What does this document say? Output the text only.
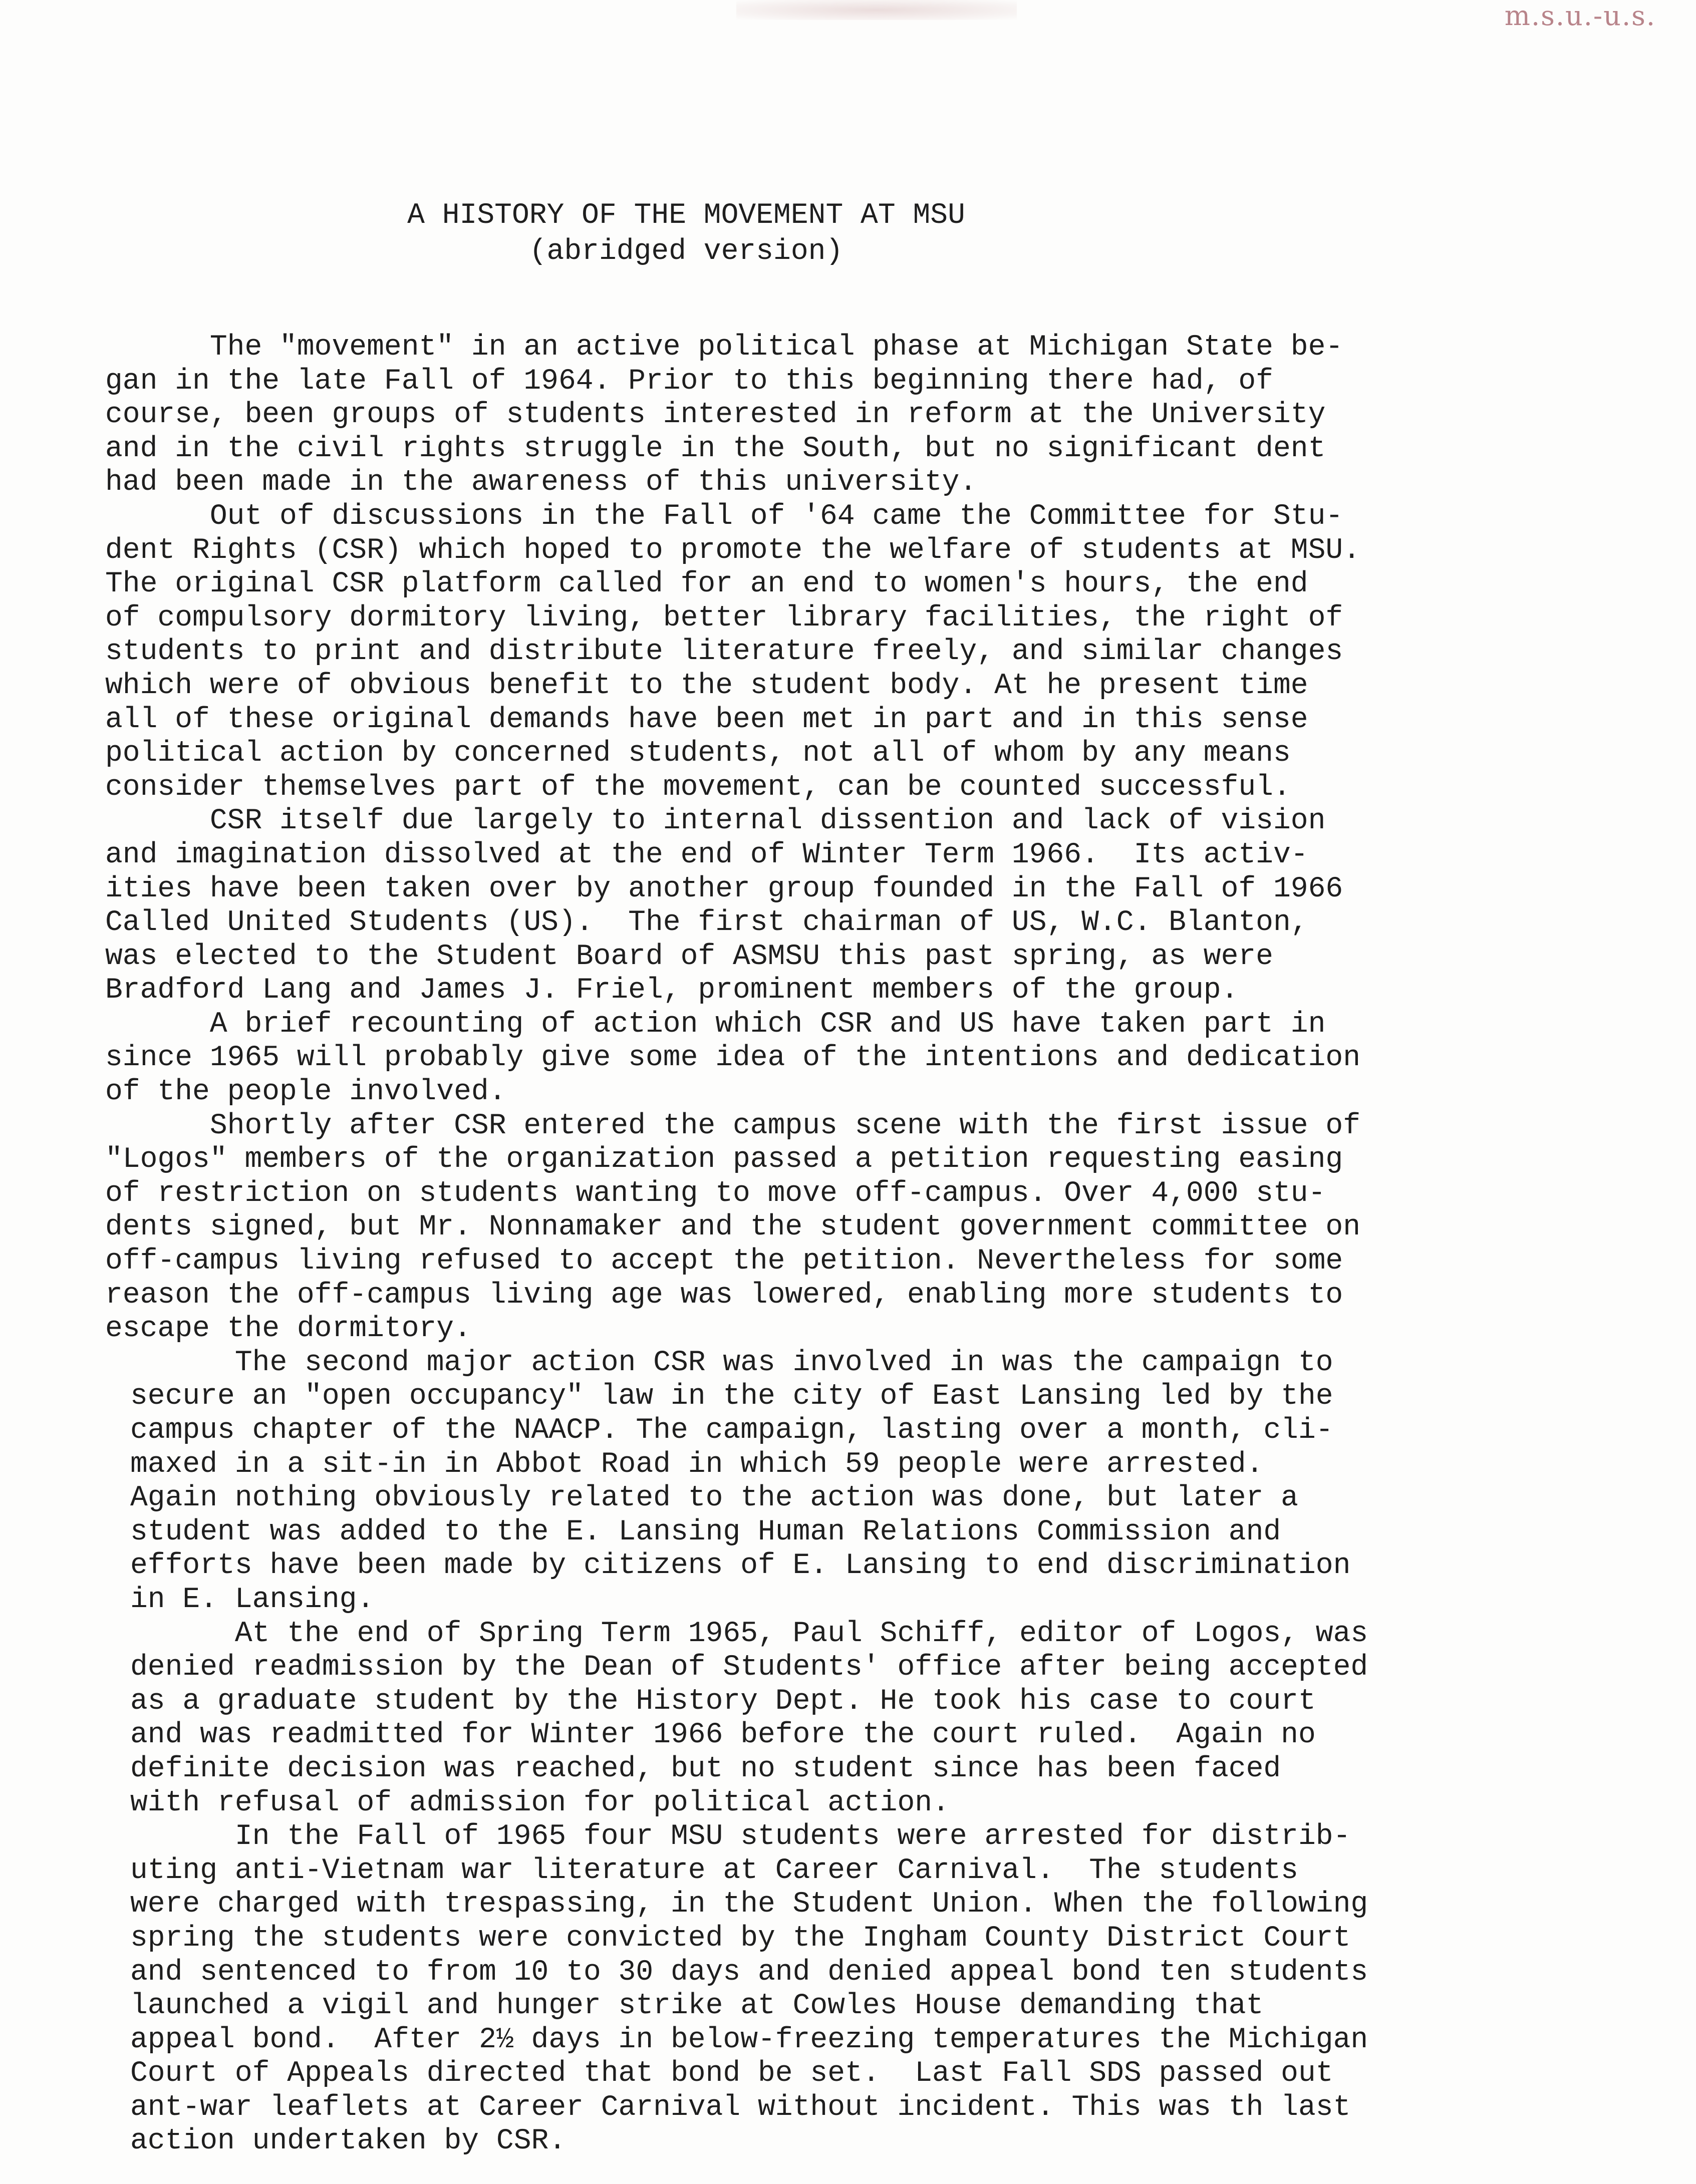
m.s.u.-u.s.
A HISTORY OF THE MOVEMENT AT MSU
(abridged version)
The "movement" in an active political phase at Michigan State be-
gan in the late Fall of 1964. Prior to this beginning there had, of
course, been groups of students interested in reform at the University
and in the civil rights struggle in the South, but no significant dent
had been made in the awareness of this university.
Out of discussions in the Fall of '64 came the Committee for Stu-
dent Rights (CSR) which hoped to promote the welfare of students at MSU.
The original CSR platform called for an end to women's hours, the end
of compulsory dormitory living, better library facilities, the right of
students to print and distribute literature freely, and similar changes
which were of obvious benefit to the student body. At he present time
all of these original demands have been met in part and in this sense
political action by concerned students, not all of whom by any means
consider themselves part of the movement, can be counted successful.
CSR itself due largely to internal dissention and lack of vision
and imagination dissolved at the end of Winter Term 1966.  Its activ-
ities have been taken over by another group founded in the Fall of 1966
Called United Students (US).  The first chairman of US, W.C. Blanton,
was elected to the Student Board of ASMSU this past spring, as were
Bradford Lang and James J. Friel, prominent members of the group.
A brief recounting of action which CSR and US have taken part in
since 1965 will probably give some idea of the intentions and dedication
of the people involved.
Shortly after CSR entered the campus scene with the first issue of
"Logos" members of the organization passed a petition requesting easing
of restriction on students wanting to move off-campus. Over 4,000 stu-
dents signed, but Mr. Nonnamaker and the student government committee on
off-campus living refused to accept the petition. Nevertheless for some
reason the off-campus living age was lowered, enabling more students to
escape the dormitory.
The second major action CSR was involved in was the campaign to
secure an "open occupancy" law in the city of East Lansing led by the
campus chapter of the NAACP. The campaign, lasting over a month, cli-
maxed in a sit-in in Abbot Road in which 59 people were arrested.
Again nothing obviously related to the action was done, but later a
student was added to the E. Lansing Human Relations Commission and
efforts have been made by citizens of E. Lansing to end discrimination
in E. Lansing.
At the end of Spring Term 1965, Paul Schiff, editor of Logos, was
denied readmission by the Dean of Students' office after being accepted
as a graduate student by the History Dept. He took his case to court
and was readmitted for Winter 1966 before the court ruled.  Again no
definite decision was reached, but no student since has been faced
with refusal of admission for political action.
In the Fall of 1965 four MSU students were arrested for distrib-
uting anti-Vietnam war literature at Career Carnival.  The students
were charged with trespassing, in the Student Union. When the following
spring the students were convicted by the Ingham County District Court
and sentenced to from 10 to 30 days and denied appeal bond ten students
launched a vigil and hunger strike at Cowles House demanding that
appeal bond.  After 2½ days in below-freezing temperatures the Michigan
Court of Appeals directed that bond be set.  Last Fall SDS passed out
ant-war leaflets at Career Carnival without incident. This was th last
action undertaken by CSR.
